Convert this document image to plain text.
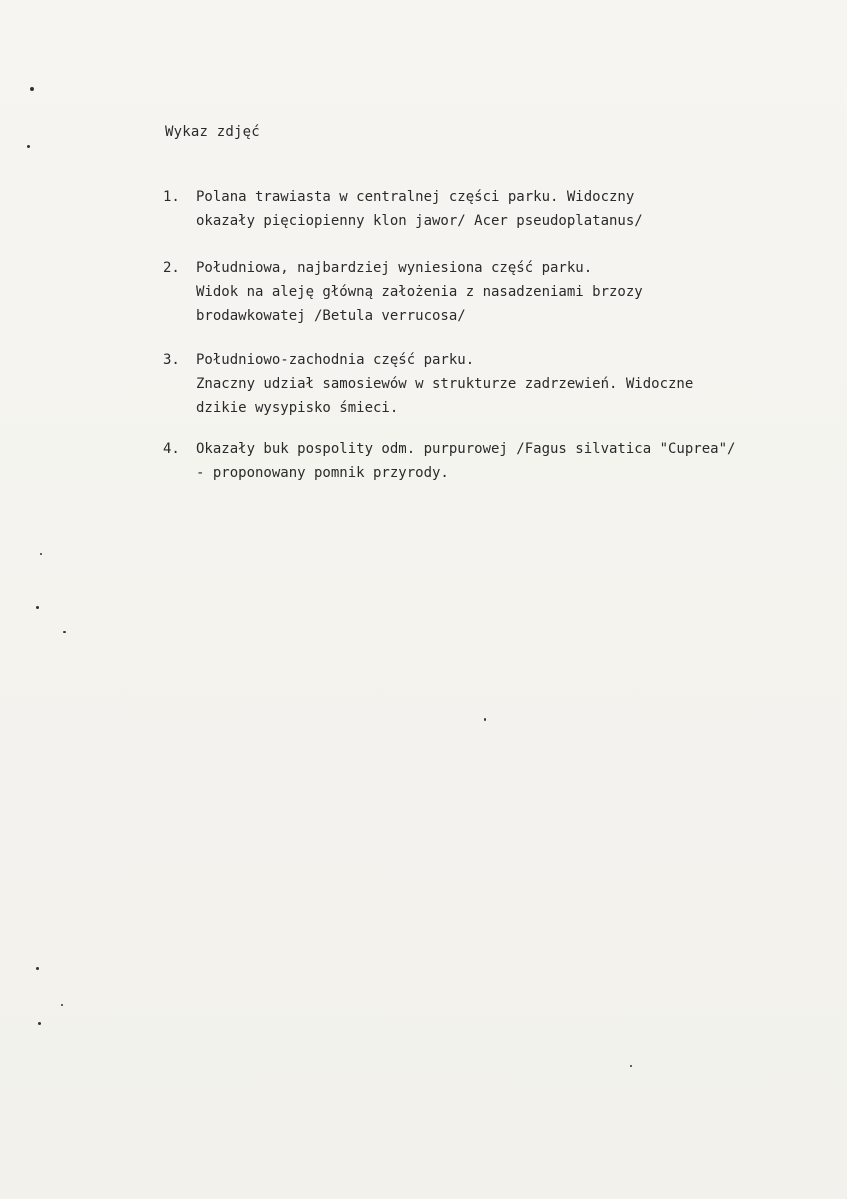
Wykaz zdjęć
1. Polana trawiasta w centralnej części parku. Widoczny
okazały pięciopienny klon jawor/ Acer pseudoplatanus/
2. Południowa, najbardziej wyniesiona część parku.
Widok na aleję główną założenia z nasadzeniami brzozy
brodawkowatej /Betula verrucosa/
3. Południowo-zachodnia część parku.
Znaczny udział samosiewów w strukturze zadrzewień. Widoczne
dzikie wysypisko śmieci.
4. Okazały buk pospolity odm. purpurowej /Fagus silvatica "Cuprea"/
- proponowany pomnik przyrody.
